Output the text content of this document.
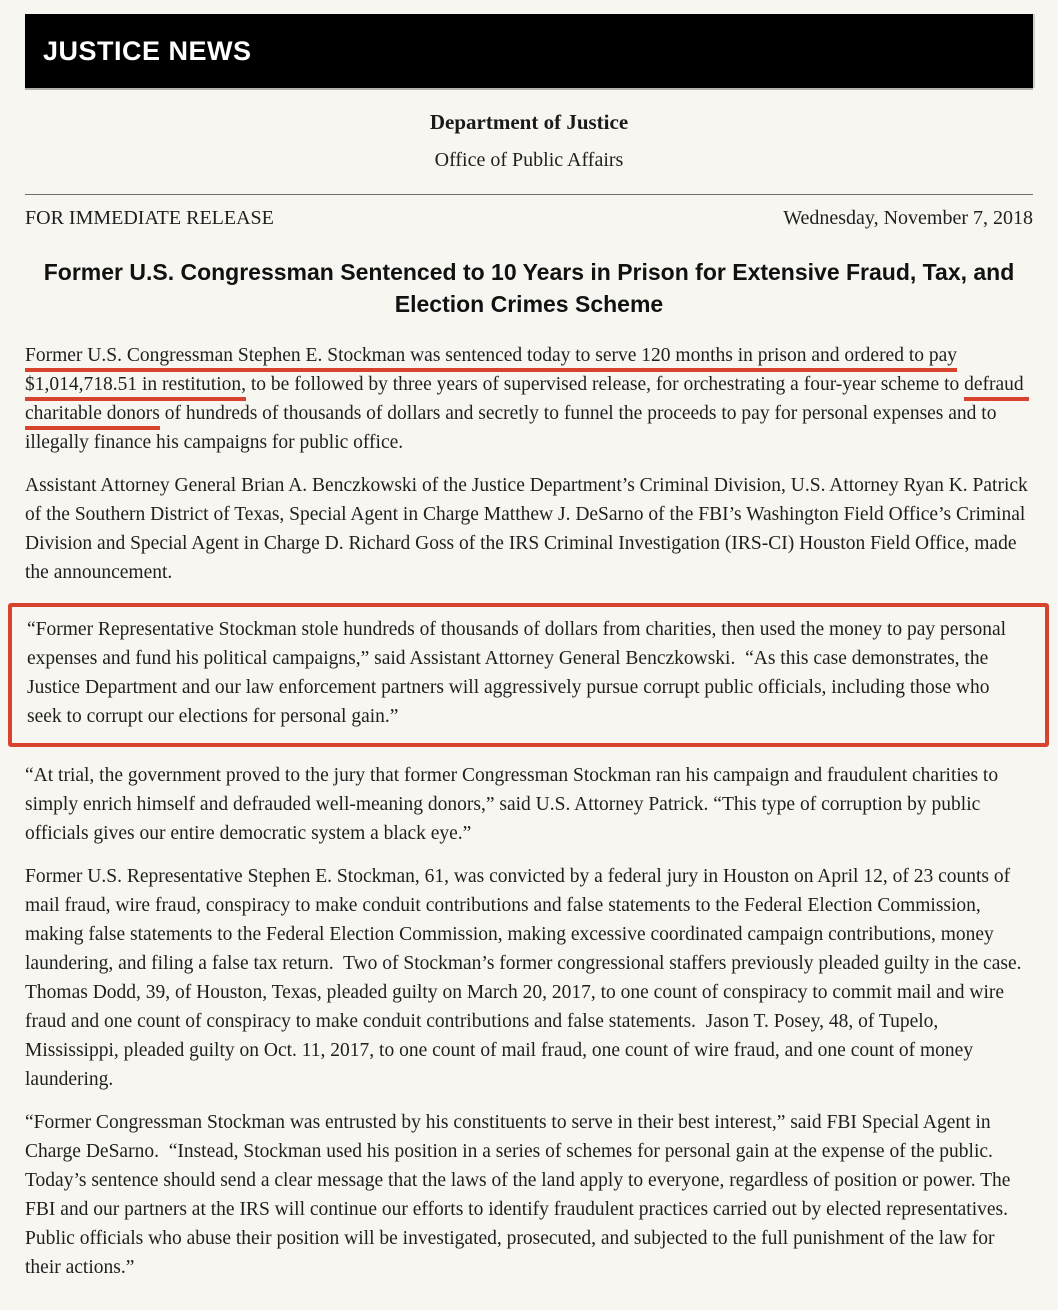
JUSTICE NEWS
Department of Justice
Office of Public Affairs
FOR IMMEDIATE RELEASE	Wednesday, November 7, 2018
Former U.S. Congressman Sentenced to 10 Years in Prison for Extensive Fraud, Tax, and Election Crimes Scheme

Former U.S. Congressman Stephen E. Stockman was sentenced today to serve 120 months in prison and ordered to pay $1,014,718.51 in restitution, to be followed by three years of supervised release, for orchestrating a four-year scheme to defraud charitable donors of hundreds of thousands of dollars and secretly to funnel the proceeds to pay for personal expenses and to illegally finance his campaigns for public office.

Assistant Attorney General Brian A. Benczkowski of the Justice Department’s Criminal Division, U.S. Attorney Ryan K. Patrick of the Southern District of Texas, Special Agent in Charge Matthew J. DeSarno of the FBI’s Washington Field Office’s Criminal Division and Special Agent in Charge D. Richard Goss of the IRS Criminal Investigation (IRS-CI) Houston Field Office, made the announcement.

“Former Representative Stockman stole hundreds of thousands of dollars from charities, then used the money to pay personal expenses and fund his political campaigns,” said Assistant Attorney General Benczkowski.  “As this case demonstrates, the Justice Department and our law enforcement partners will aggressively pursue corrupt public officials, including those who seek to corrupt our elections for personal gain.”

“At trial, the government proved to the jury that former Congressman Stockman ran his campaign and fraudulent charities to simply enrich himself and defrauded well-meaning donors,” said U.S. Attorney Patrick. “This type of corruption by public officials gives our entire democratic system a black eye.”

Former U.S. Representative Stephen E. Stockman, 61, was convicted by a federal jury in Houston on April 12, of 23 counts of mail fraud, wire fraud, conspiracy to make conduit contributions and false statements to the Federal Election Commission, making false statements to the Federal Election Commission, making excessive coordinated campaign contributions, money laundering, and filing a false tax return.  Two of Stockman’s former congressional staffers previously pleaded guilty in the case.  Thomas Dodd, 39, of Houston, Texas, pleaded guilty on March 20, 2017, to one count of conspiracy to commit mail and wire fraud and one count of conspiracy to make conduit contributions and false statements.  Jason T. Posey, 48, of Tupelo, Mississippi, pleaded guilty on Oct. 11, 2017, to one count of mail fraud, one count of wire fraud, and one count of money laundering.

“Former Congressman Stockman was entrusted by his constituents to serve in their best interest,” said FBI Special Agent in Charge DeSarno.  “Instead, Stockman used his position in a series of schemes for personal gain at the expense of the public. Today’s sentence should send a clear message that the laws of the land apply to everyone, regardless of position or power. The FBI and our partners at the IRS will continue our efforts to identify fraudulent practices carried out by elected representatives. Public officials who abuse their position will be investigated, prosecuted, and subjected to the full punishment of the law for their actions.”
